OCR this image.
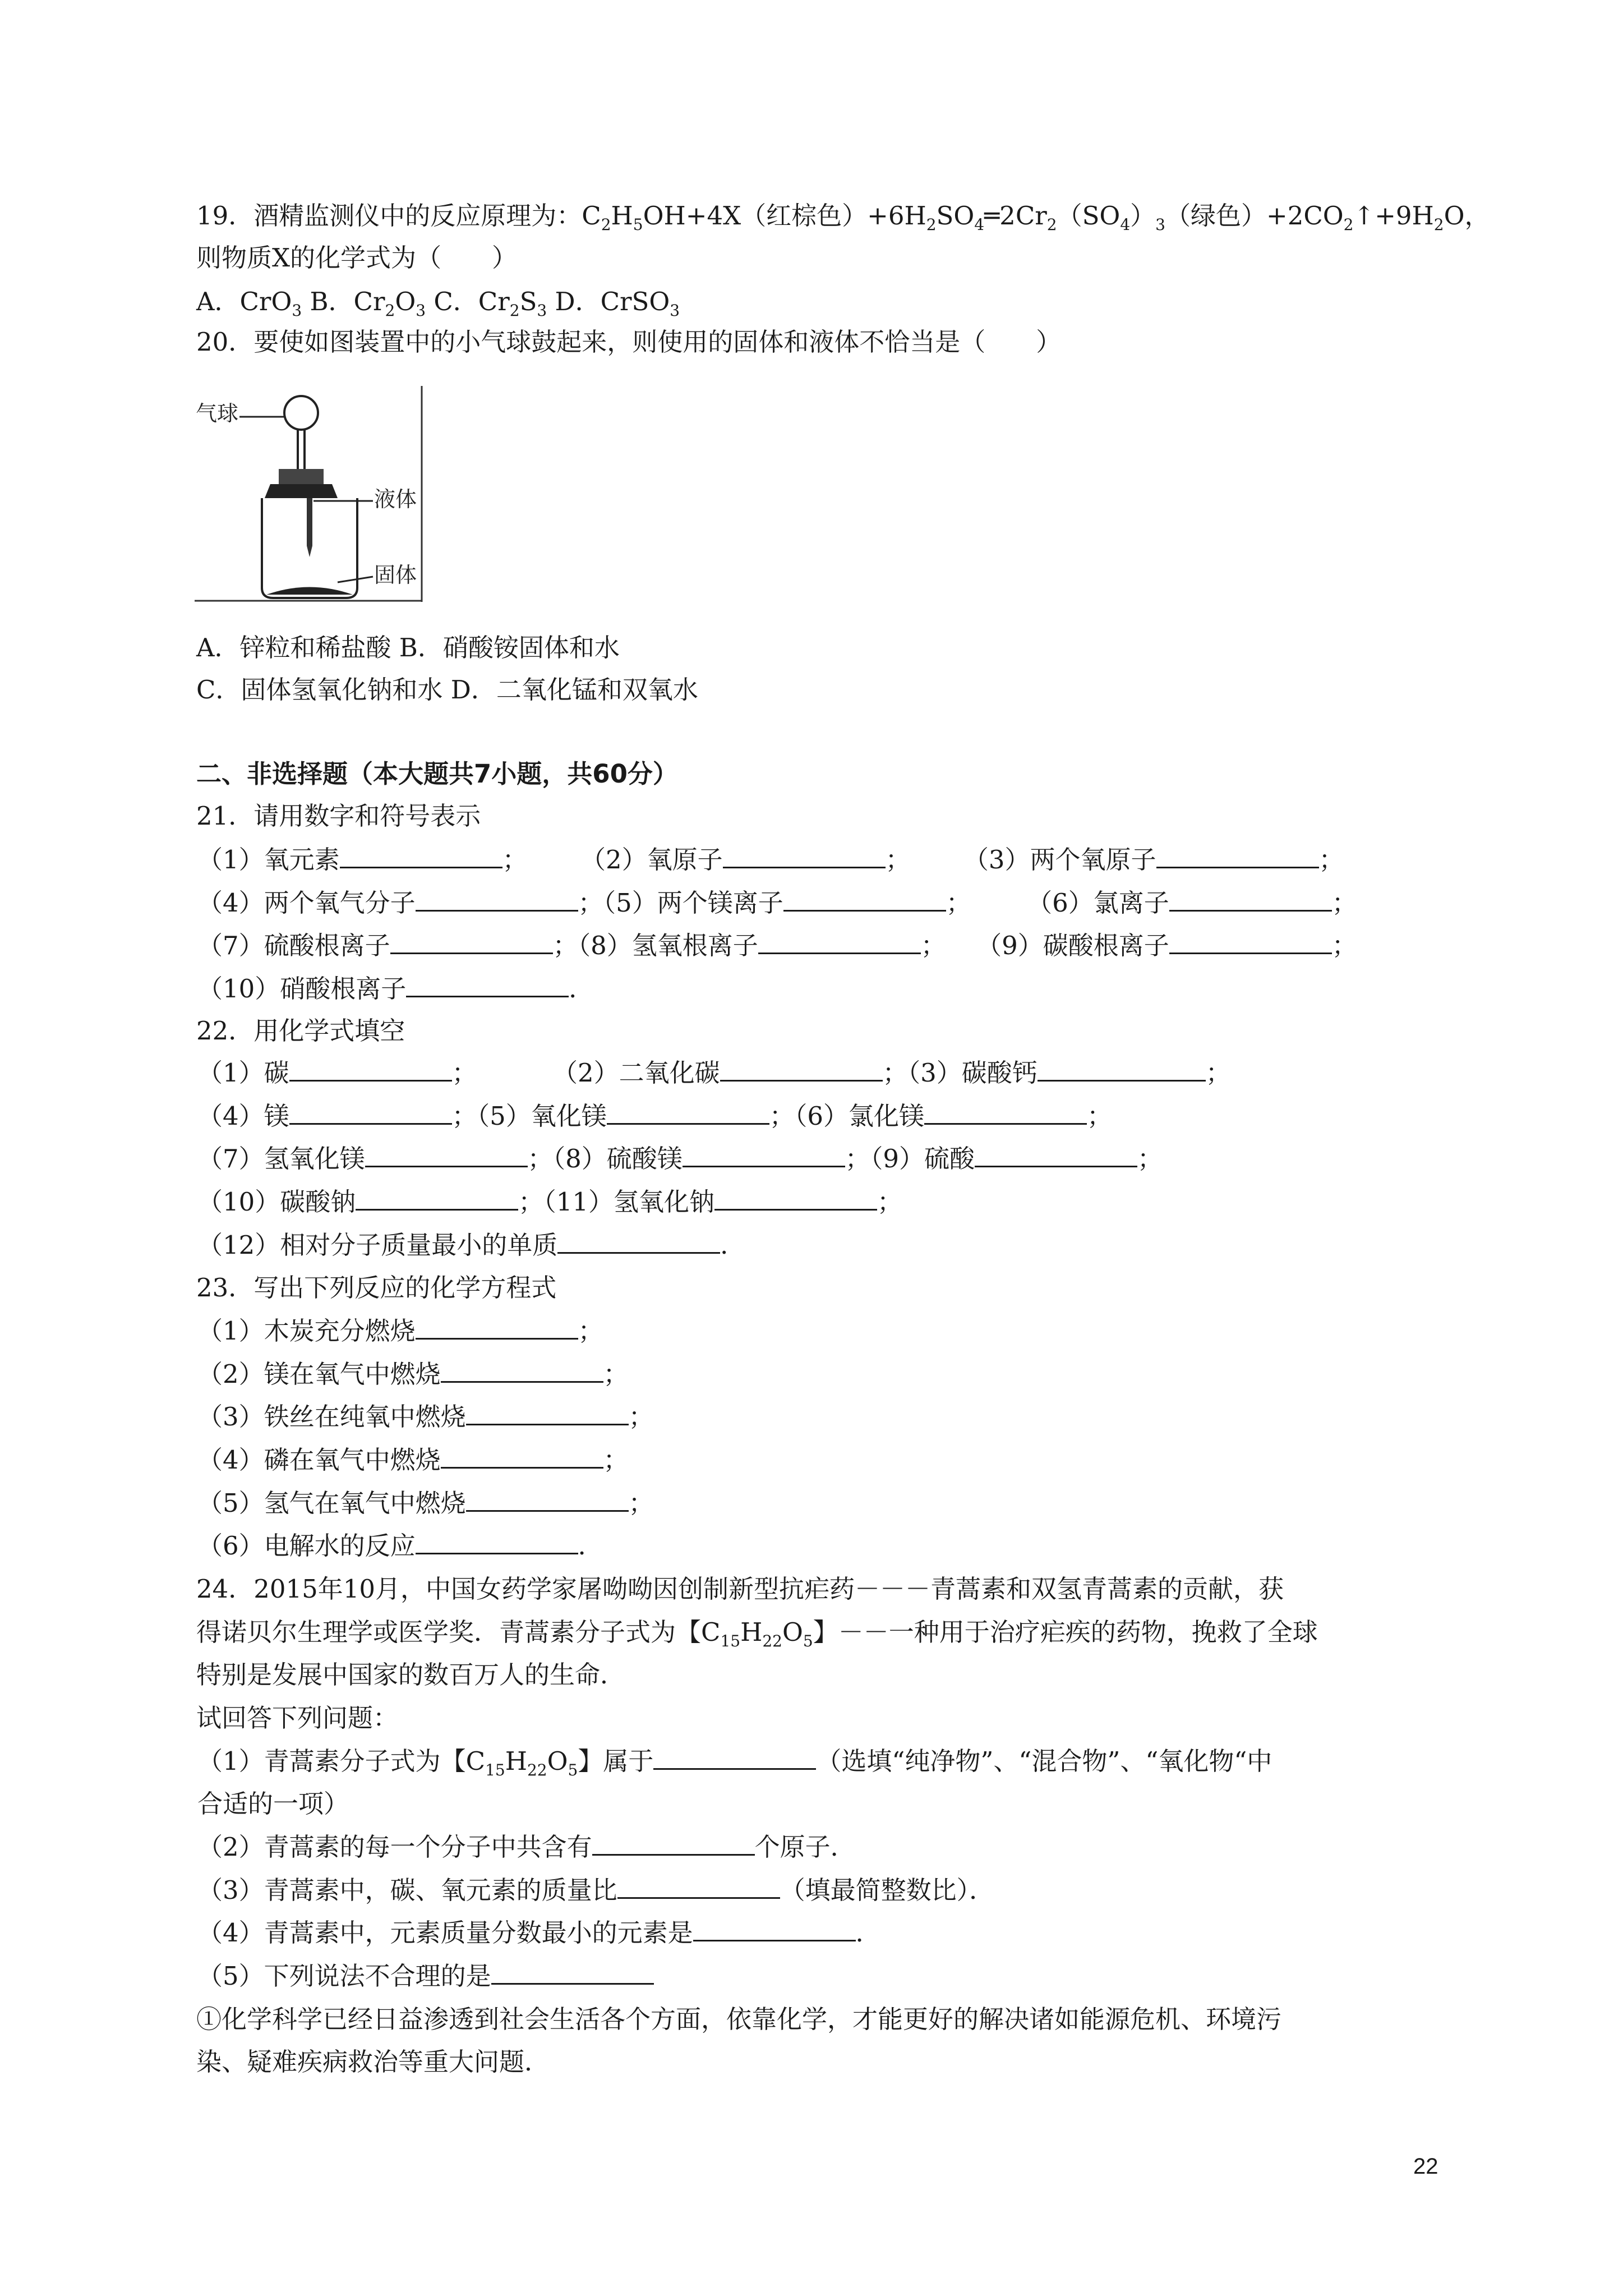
19．酒精监测仪中的反应原理为：$C_2H_5OH+4X$（红棕色）$+6H_2SO_4═2Cr_2(SO_4)_3$（绿色）$+2CO_2↑+9H_2O$，
则物质X的化学式为（　　）
A．CrO$_3$ B．$Cr_2O_3$ C．$Cr_2S_3$ D．CrSO$_3$
20．要使如图装置中的小气球鼓起来，则使用的固体和液体不恰当是（　　）
气球
液体
固体
A．锌粒和稀盐酸 B．硝酸铵固体和水
C．固体氢氧化钠和水 D．二氧化锰和双氧水
二、非选择题（本大题共7小题，共60分）
21．请用数字和符号表示
（1）氧元素	； （2）氧原子	； （3）两个氧原子	；
（4）两个氧气分子	；（5）两个镁离子	； （6）氯离子	；
（7）硫酸根离子	；（8）氢氧根离子	； （9）碳酸根离子	；
（10）硝酸根离子	．
22．用化学式填空
（1）碳	；	（2）二氧化碳	；（3）碳酸钙	；
（4）镁	；（5）氧化镁	；（6）氯化镁	；
（7）氢氧化镁	；（8）硫酸镁	；（9）硫酸	；
（10）碳酸钠	；（11）氢氧化钠	；
（12）相对分子质量最小的单质	．
23．写出下列反应的化学方程式
（1）木炭充分燃烧	；
（2）镁在氧气中燃烧	；
（3）铁丝在纯氧中燃烧	；
（4）磷在氧气中燃烧	；
（5）氢气在氧气中燃烧	；
（6）电解水的反应	．
24．2015年10月，中国女药学家屠呦呦因创制新型抗疟药－－－青蒿素和双氢青蒿素的贡献，获
得诺贝尔生理学或医学奖．青蒿素分子式为【$C_{15}H_{22}O_5$】－－一种用于治疗疟疾的药物，挽救了全球
特别是发展中国家的数百万人的生命．
试回答下列问题：
（1）青蒿素分子式为【$C_{15}H_{22}O_5$】属于	（选填“纯净物”、“混合物”、“氧化物“中
合适的一项）
（2）青蒿素的每一个分子中共含有	个原子．
（3）青蒿素中，碳、氧元素的质量比	（填最简整数比）．
（4）青蒿素中，元素质量分数最小的元素是	．
（5）下列说法不合理的是
①化学科学已经日益渗透到社会生活各个方面，依靠化学，才能更好的解决诸如能源危机、环境污
染、疑难疾病救治等重大问题．
22
